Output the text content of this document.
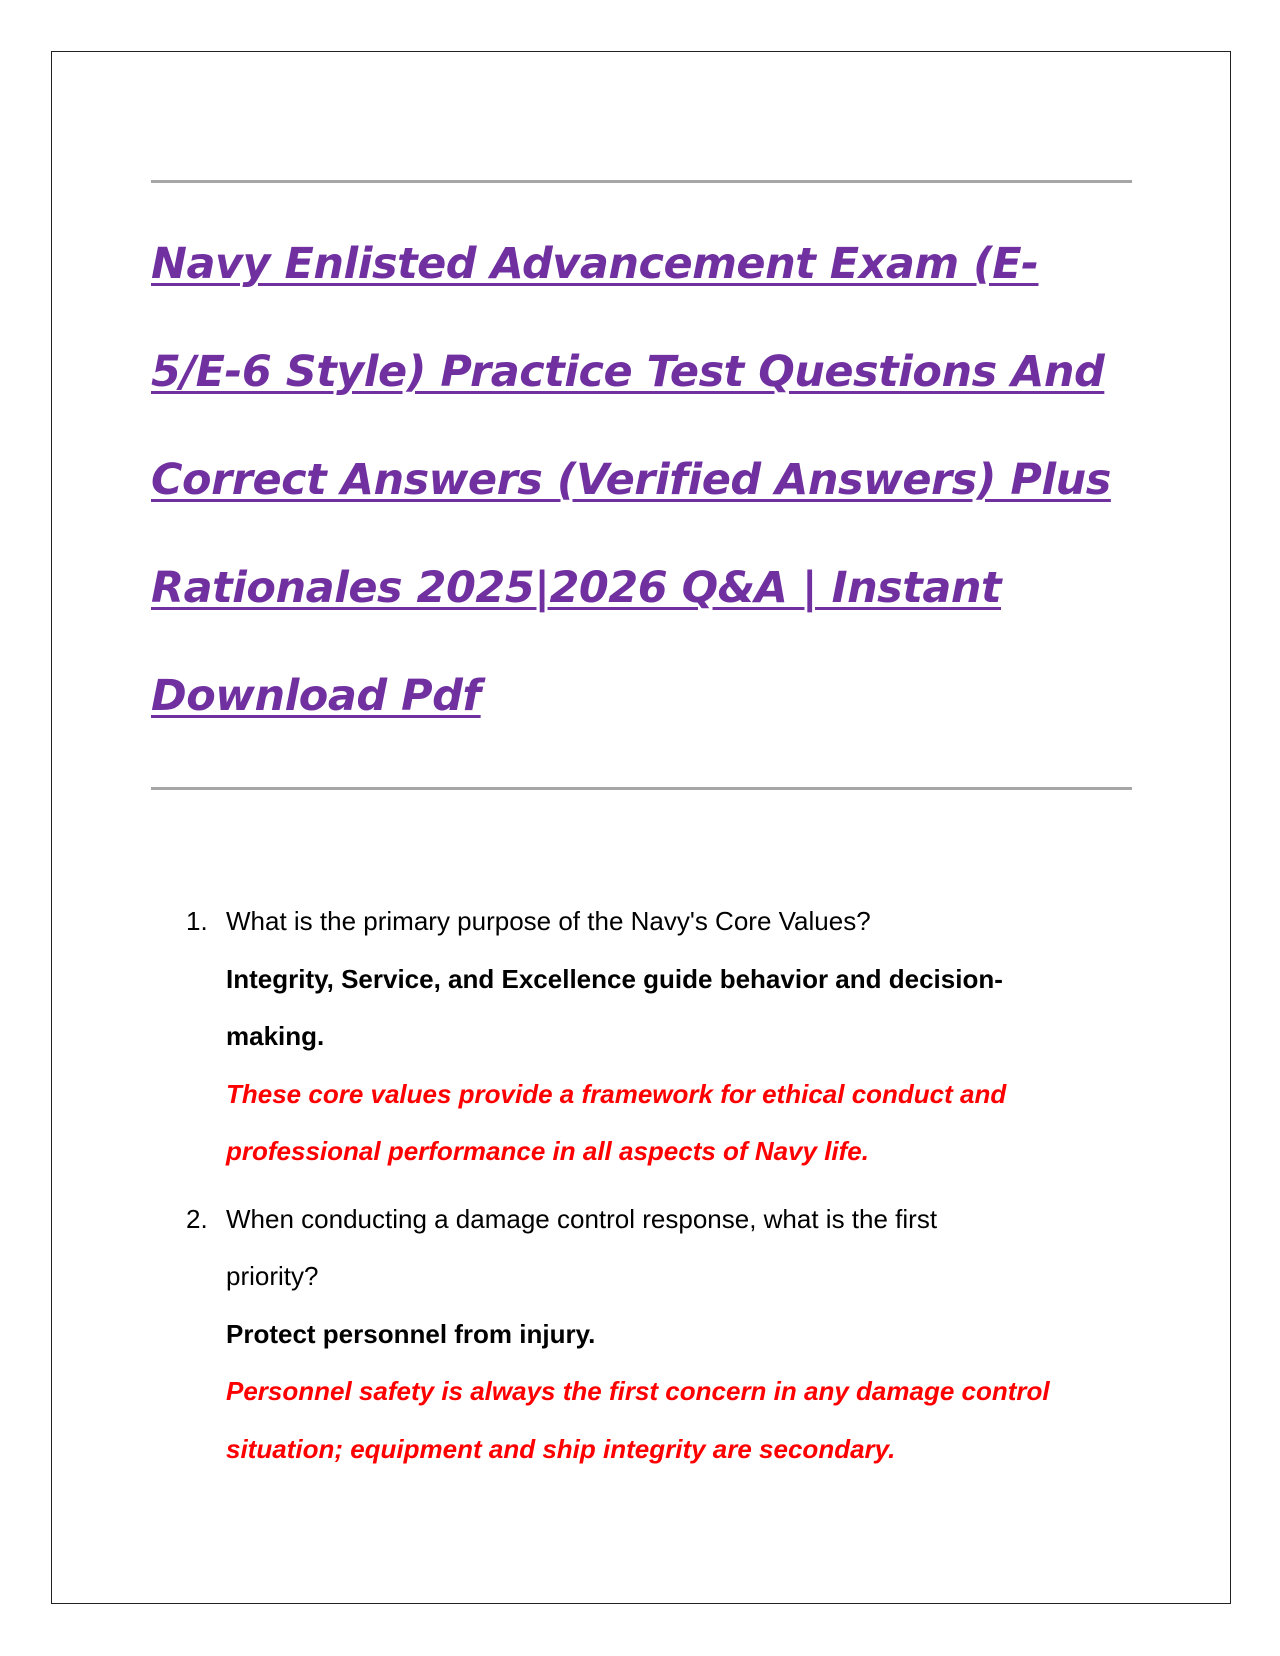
Navy Enlisted Advancement Exam (E-
5/E-6 Style) Practice Test Questions And
Correct Answers (Verified Answers) Plus
Rationales 2025|2026 Q&A | Instant
Download Pdf
1. What is the primary purpose of the Navy's Core Values?
Integrity, Service, and Excellence guide behavior and decision-
making.
These core values provide a framework for ethical conduct and
professional performance in all aspects of Navy life.
2. When conducting a damage control response, what is the first
priority?
Protect personnel from injury.
Personnel safety is always the first concern in any damage control
situation; equipment and ship integrity are secondary.
